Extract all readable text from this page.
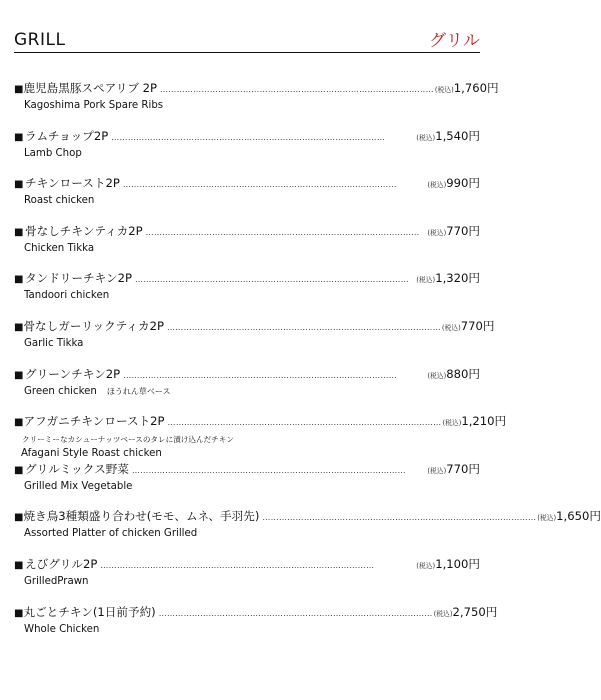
GRILL	グリル
■ 鹿児島黒豚スペアリブ 2P ……………………………………………………………………………………… (税込) 1,760円
Kagoshima Pork Spare Ribs
■ ラムチョップ2P ………………………………………………………………………………………	(税込) 1,540円
Lamb Chop
■ チキンロースト2P ………………………………………………………………………………………	(税込) 990円
Roast chicken
■ 骨なしチキンティカ2P ………………………………………………………………………………………	(税込) 770円
Chicken Tikka
■ タンドリーチキン2P ………………………………………………………………………………………	(税込) 1,320円
Tandoori chicken
■ 骨なしガーリックティカ2P ……………………………………………………………………………………… (税込) 770円
Garlic Tikka
■ グリーンチキン2P ………………………………………………………………………………………	(税込) 880円
Green chicken ほうれん草ベース
■ アフガニチキンロースト2P ……………………………………………………………………………………… (税込) 1,210円
クリーミーなカシューナッツベースのタレに漬け込んだチキン
Afagani Style Roast chicken
■ グリルミックス野菜 ………………………………………………………………………………………	(税込) 770円
Grilled Mix Vegetable
■ 焼き鳥3種類盛り合わせ(モモ、ムネ、手羽先) ……………………………………………………………………………………… (税込) 1,650円
Assorted Platter of chicken Grilled
■ えびグリル2P ………………………………………………………………………………………	(税込) 1,100円
GrilledPrawn
■ 丸ごとチキン(1日前予約) ……………………………………………………………………………………… (税込) 2,750円
Whole Chicken
